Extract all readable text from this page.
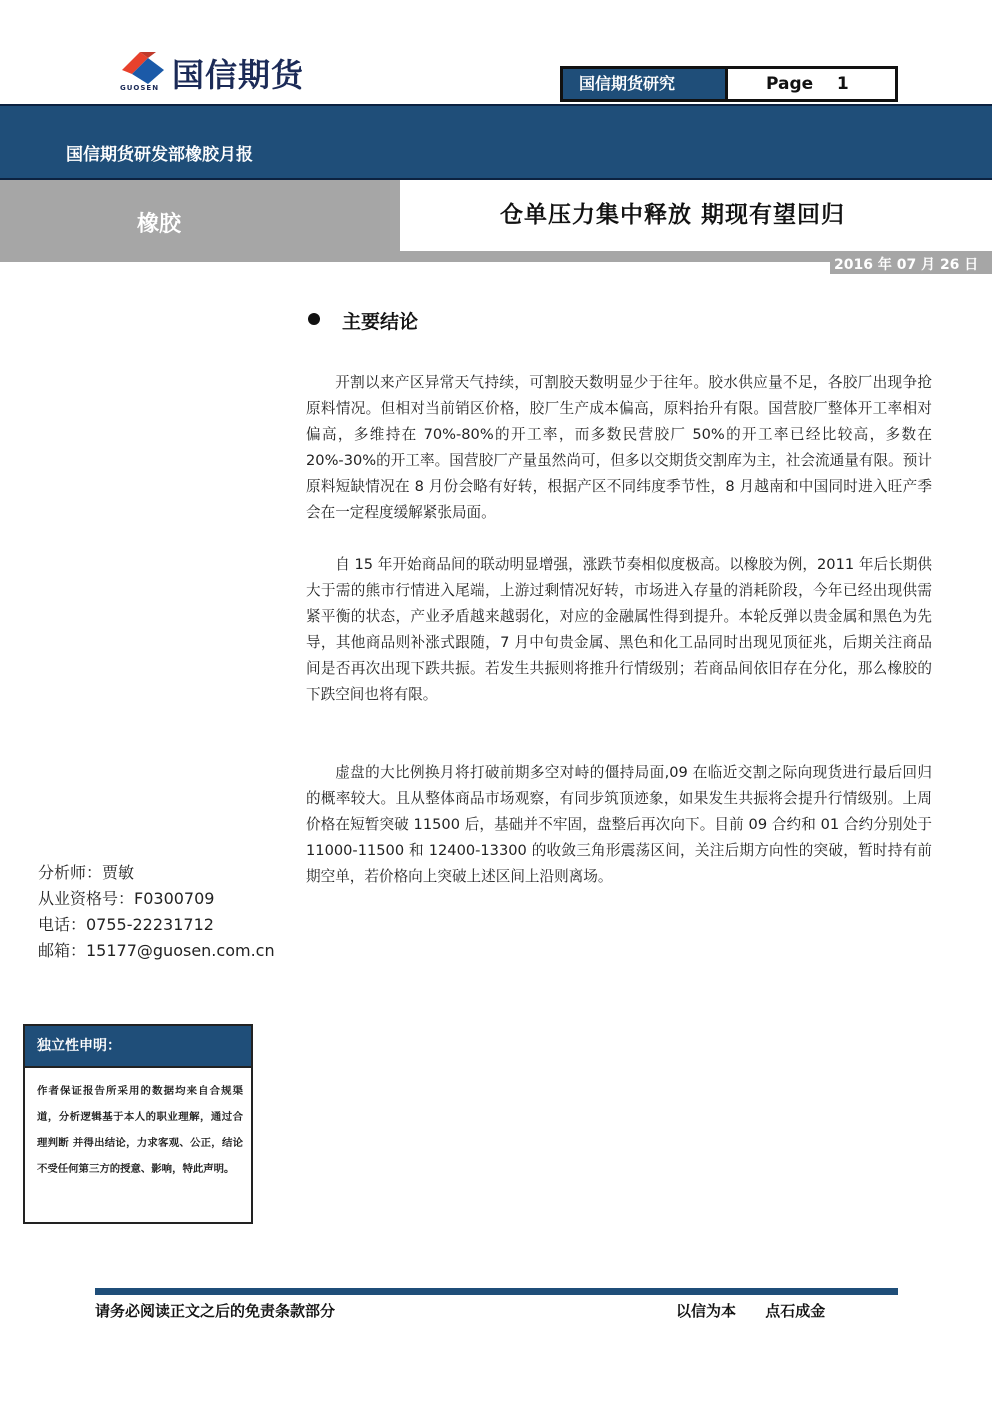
国信期货
GUOSEN	国信期货研究	Page 1
国信期货研发部橡胶月报
橡胶	仓单压力集中释放 期现有望回归
2016 年 07 月 26 日
主要结论

开割以来产区异常天气持续，可割胶天数明显少于往年。胶水供应量不足，各胶厂出现争抢原料情况。但相对当前销区价格，胶厂生产成本偏高，原料抬升有限。国营胶厂整体开工率相对偏高，多维持在 70%-80%的开工率，而多数民营胶厂 50%的开工率已经比较高，多数在 20%-30%的开工率。国营胶厂产量虽然尚可，但多以交期货交割库为主，社会流通量有限。预计原料短缺情况在 8 月份会略有好转，根据产区不同纬度季节性，8 月越南和中国同时进入旺产季会在一定程度缓解紧张局面。

自 15 年开始商品间的联动明显增强，涨跌节奏相似度极高。以橡胶为例，2011 年后长期供大于需的熊市行情进入尾端，上游过剩情况好转，市场进入存量的消耗阶段，今年已经出现供需紧平衡的状态，产业矛盾越来越弱化，对应的金融属性得到提升。本轮反弹以贵金属和黑色为先导，其他商品则补涨式跟随，7 月中旬贵金属、黑色和化工品同时出现见顶征兆，后期关注商品间是否再次出现下跌共振。若发生共振则将推升行情级别；若商品间依旧存在分化，那么橡胶的下跌空间也将有限。

虚盘的大比例换月将打破前期多空对峙的僵持局面,09 在临近交割之际向现货进行最后回归的概率较大。且从整体商品市场观察，有同步筑顶迹象，如果发生共振将会提升行情级别。上周价格在短暂突破 11500 后，基础并不牢固，盘整后再次向下。目前 09 合约和 01 合约分别处于 11000-11500 和 12400-13300 的收敛三角形震荡区间，关注后期方向性的突破，暂时持有前期空单，若价格向上突破上述区间上沿则离场。

分析师：贾敏
从业资格号：F0300709
电话：0755-22231712
邮箱：15177@guosen.com.cn
独立性申明：

作者保证报告所采用的数据均来自合规渠道，分析逻辑基于本人的职业理解，通过合理判断 并得出结论，力求客观、公正，结论不受任何第三方的授意、影响，特此声明。

请务必阅读正文之后的免责条款部分	以信为本 点石成金
